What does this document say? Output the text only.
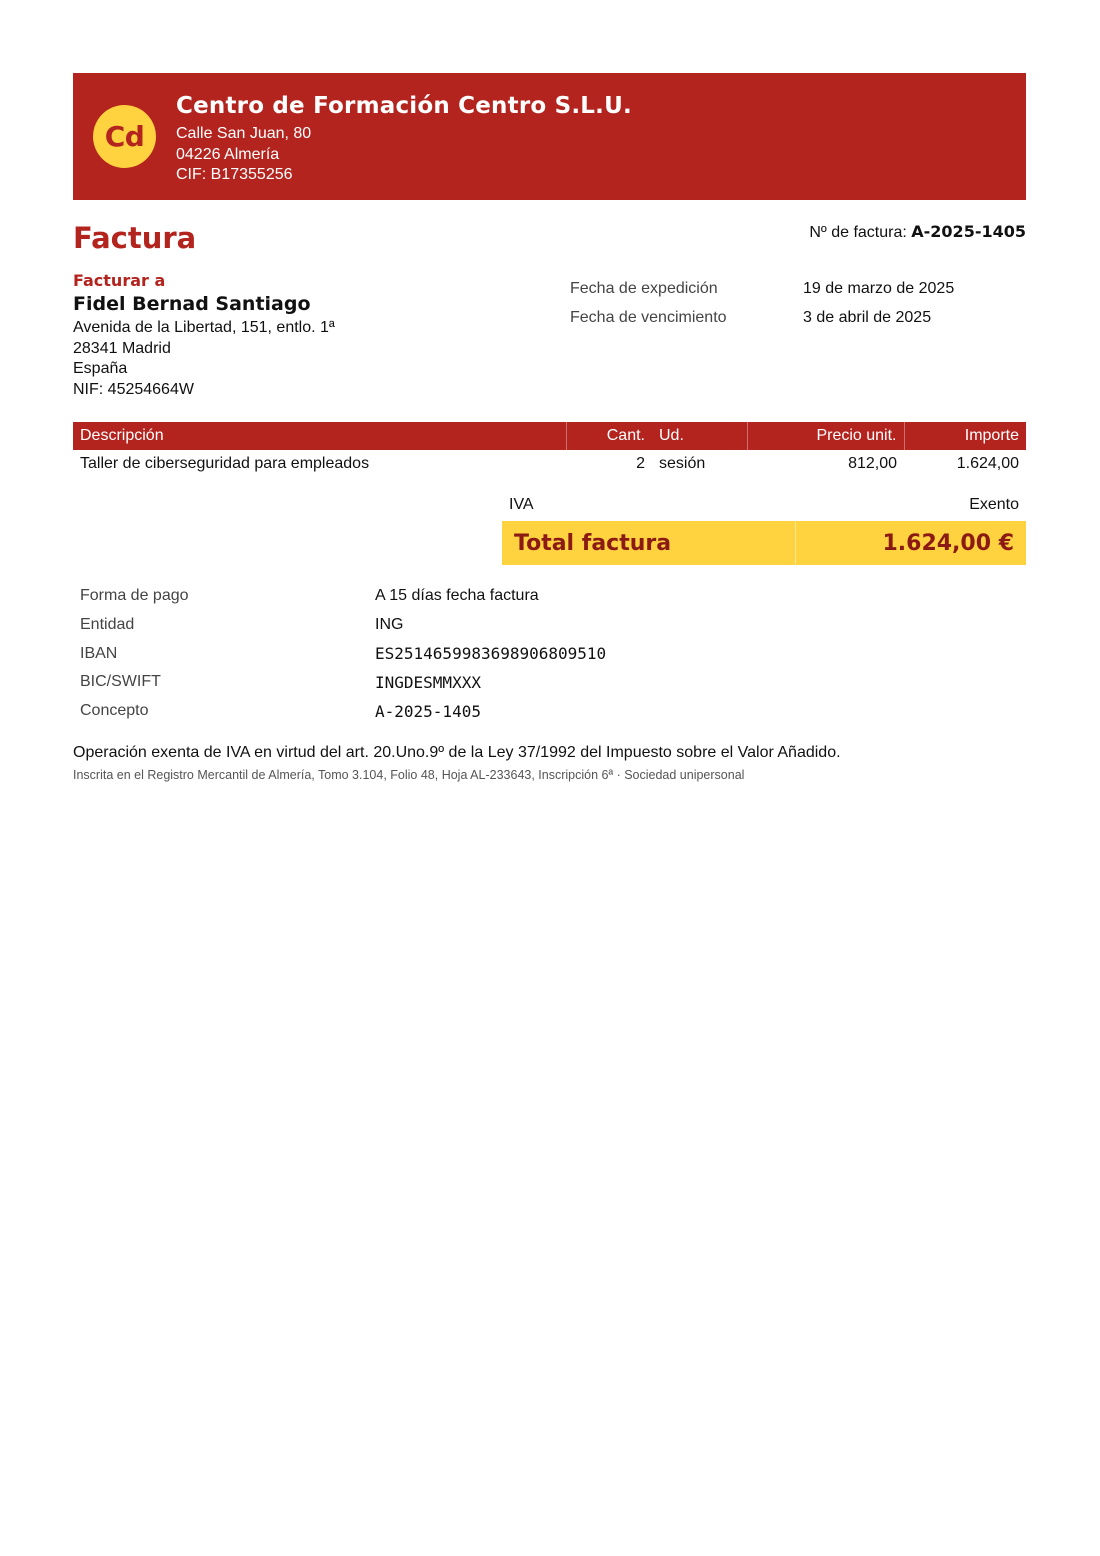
Cd
Centro de Formación Centro S.L.U.
Calle San Juan, 80
04226 Almería
CIF: B17355256
Factura	Nº de factura: A-2025-1405
Facturar a
Fidel Bernad Santiago
Avenida de la Libertad, 151, entlo. 1ª
28341 Madrid
España
NIF: 45254664W
Fecha de expedición	19 de marzo de 2025
Fecha de vencimiento	3 de abril de 2025
Descripción	Cant.	Ud.	Precio unit.	Importe
Taller de ciberseguridad para empleados	2	sesión	812,00	1.624,00
IVA	Exento
Total factura	1.624,00 €
Forma de pago	A 15 días fecha factura
Entidad	ING
IBAN	ES2514659983698906809510
BIC/SWIFT	INGDESMMXXX
Concepto	A-2025-1405
Operación exenta de IVA en virtud del art. 20.Uno.9º de la Ley 37/1992 del Impuesto sobre el Valor Añadido.
Inscrita en el Registro Mercantil de Almería, Tomo 3.104, Folio 48, Hoja AL-233643, Inscripción 6ª · Sociedad unipersonal
